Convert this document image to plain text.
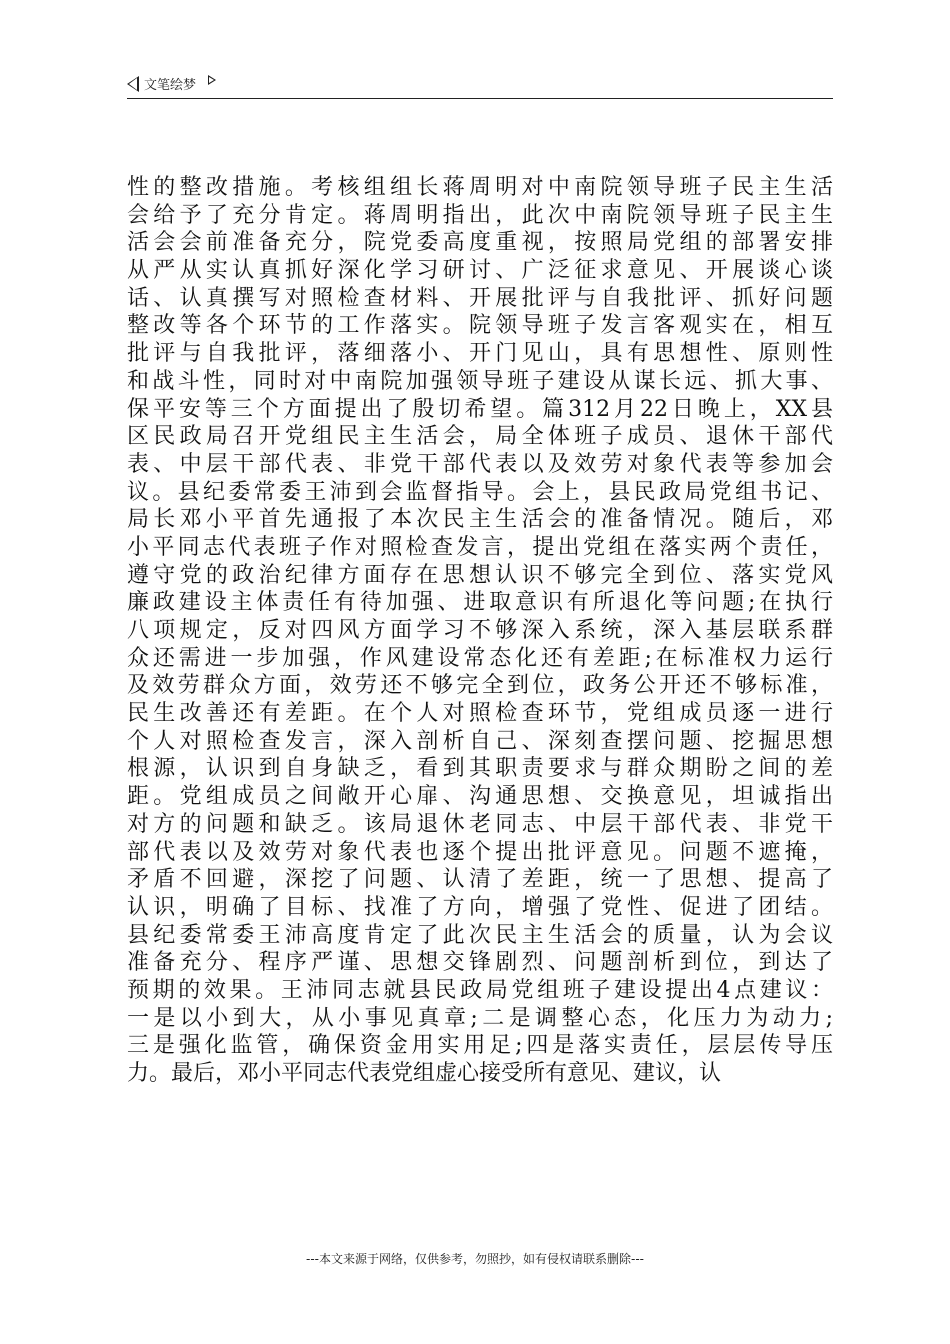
文笔绘梦
性的整改措施。考核组组长蒋周明对中南院领导班子民主生活
会给予了充分肯定。蒋周明指出，此次中南院领导班子民主生
活会会前准备充分，院党委高度重视，按照局党组的部署安排
从严从实认真抓好深化学习研讨、广泛征求意见、开展谈心谈
话、认真撰写对照检查材料、开展批评与自我批评、抓好问题
整改等各个环节的工作落实。院领导班子发言客观实在，相互
批评与自我批评，落细落小、开门见山，具有思想性、原则性
和战斗性，同时对中南院加强领导班子建设从谋长远、抓大事、
保平安等三个方面提出了殷切希望。篇312月22日晚上，XX县
区民政局召开党组民主生活会，局全体班子成员、退休干部代
表、中层干部代表、非党干部代表以及效劳对象代表等参加会
议。县纪委常委王沛到会监督指导。会上，县民政局党组书记、
局长邓小平首先通报了本次民主生活会的准备情况。随后，邓
小平同志代表班子作对照检查发言，提出党组在落实两个责任，
遵守党的政治纪律方面存在思想认识不够完全到位、落实党风
廉政建设主体责任有待加强、进取意识有所退化等问题;在执行
八项规定，反对四风方面学习不够深入系统，深入基层联系群
众还需进一步加强，作风建设常态化还有差距;在标准权力运行
及效劳群众方面，效劳还不够完全到位，政务公开还不够标准，
民生改善还有差距。在个人对照检查环节，党组成员逐一进行
个人对照检查发言，深入剖析自己、深刻查摆问题、挖掘思想
根源，认识到自身缺乏，看到其职责要求与群众期盼之间的差
距。党组成员之间敞开心扉、沟通思想、交换意见，坦诚指出
对方的问题和缺乏。该局退休老同志、中层干部代表、非党干
部代表以及效劳对象代表也逐个提出批评意见。问题不遮掩，
矛盾不回避，深挖了问题、认清了差距，统一了思想、提高了
认识，明确了目标、找准了方向，增强了党性、促进了团结。
县纪委常委王沛高度肯定了此次民主生活会的质量，认为会议
准备充分、程序严谨、思想交锋剧烈、问题剖析到位，到达了
预期的效果。王沛同志就县民政局党组班子建设提出4点建议：
一是以小到大，从小事见真章;二是调整心态，化压力为动力;
三是强化监管，确保资金用实用足;四是落实责任，层层传导压
力。最后，邓小平同志代表党组虚心接受所有意见、建议，认
---本文来源于网络，仅供参考，勿照抄，如有侵权请联系删除---
